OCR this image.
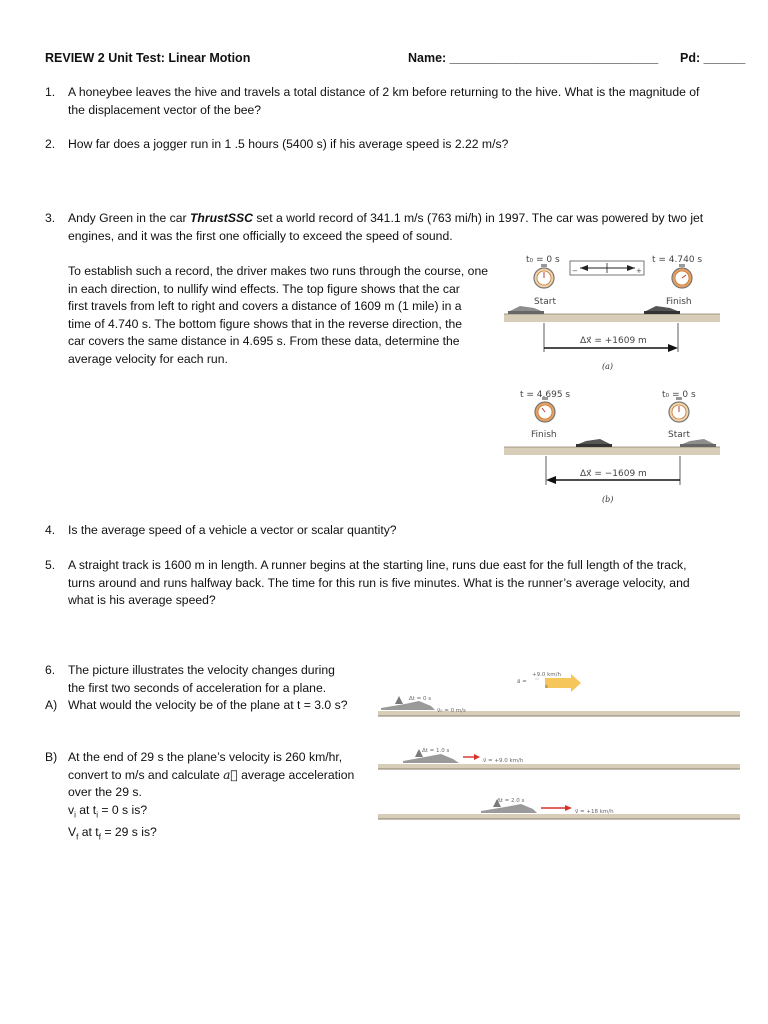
REVIEW 2 Unit Test: Linear Motion	Name: ______________________________ Pd: ______
1. A honeybee leaves the hive and travels a total distance of 2 km before returning to the hive. What is the magnitude of
the displacement vector of the bee?
2. How far does a jogger run in 1 .5 hours (5400 s) if his average speed is 2.22 m/s?
3. Andy Green in the car ThrustSSC set a world record of 341.1 m/s (763 mi/h) in 1997. The car was powered by two jet
engines, and it was the first one officially to exceed the speed of sound.
To establish such a record, the driver makes two runs through the course, one
in each direction, to nullify wind effects. The top figure shows that the car
first travels from left to right and covers a distance of 1609 m (1 mile) in a
time of 4.740 s. The bottom figure shows that in the reverse direction, the
car covers the same distance in 4.695 s. From these data, determine the
average velocity for each run.
t₀ = 0 s	t = 4.740 s
−	+
Start	Finish
Δx⃗ = +1609 m
(a)
t = 4.695 s	t₀ = 0 s
Finish	Start
Δx⃗ = −1609 m
(b)
4. Is the average speed of a vehicle a vector or scalar quantity?
5. A straight track is 1600 m in length. A runner begins at the starting line, runs due east for the full length of the track,
turns around and runs halfway back. The time for this run is five minutes. What is the runner’s average velocity, and
what is his average speed?
6. The picture illustrates the velocity changes during
the first two seconds of acceleration for a plane.
A) What would the velocity be of the plane at t = 3.0 s?
B) At the end of 29 s the plane’s velocity is 260 km/hr,
convert to m/s and calculate a⃗ average acceleration
over the 29 s.
$v_i$ at $t_i = 0$ s is?
$V_f$ at $t_f = 29$ s is?
a⃗ =
+9.0 km/h
s
Δt = 0 s
v⃗₀ = 0 m/s
Δt = 1.0 s
v⃗ = +9.0 km/h
Δt = 2.0 s
v⃗ = +18 km/h
